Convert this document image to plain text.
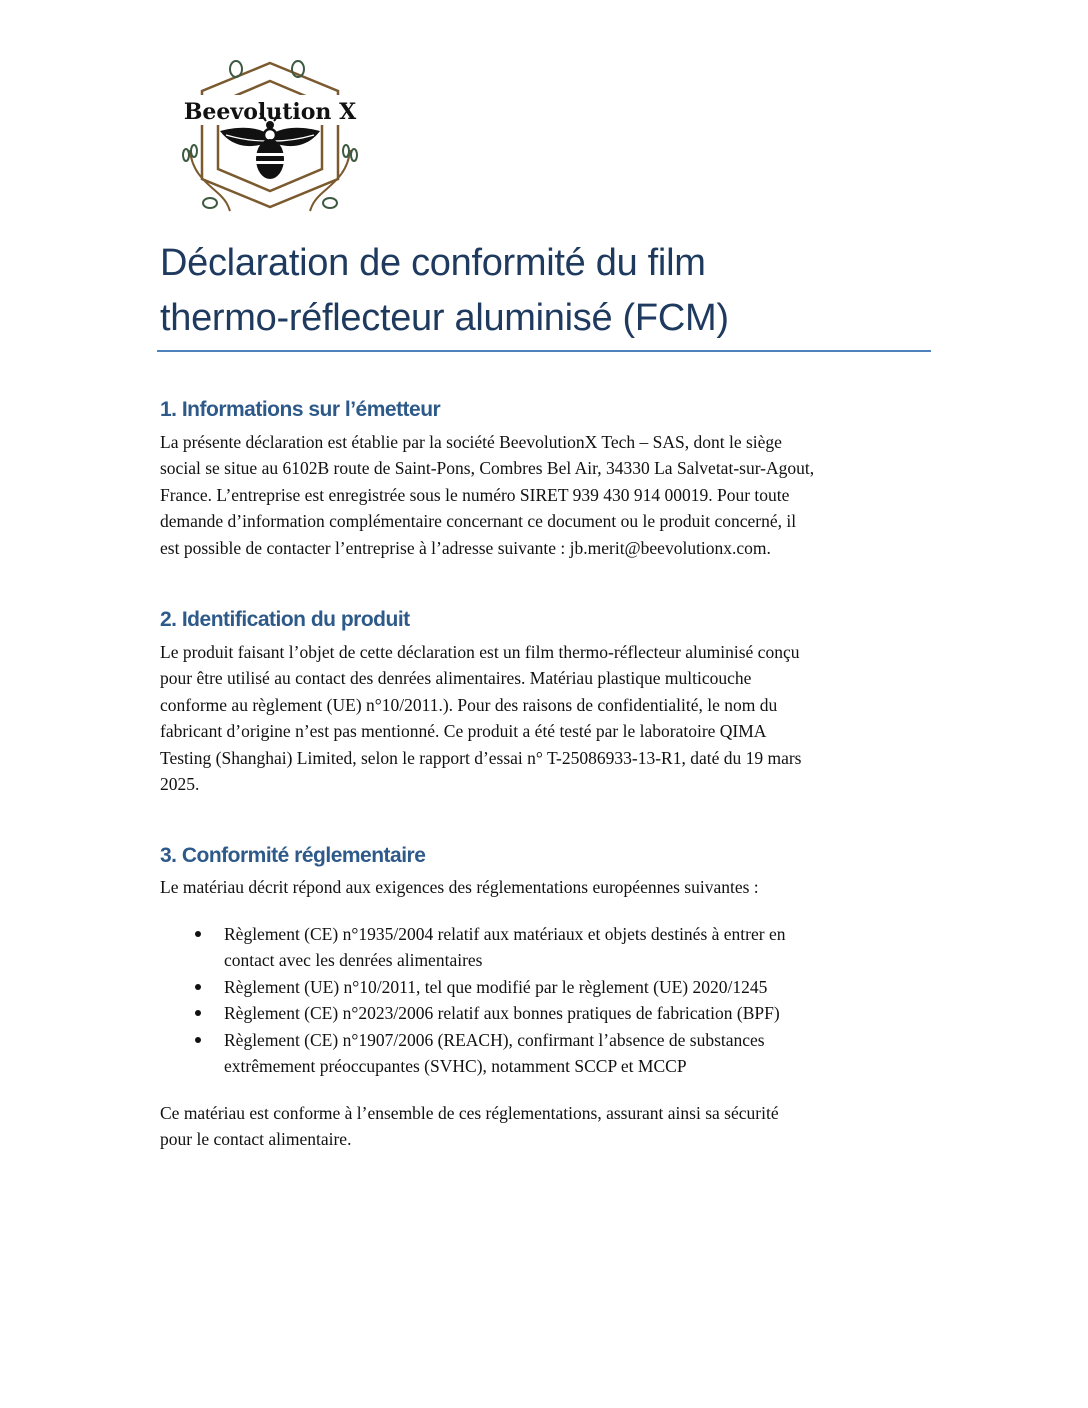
Beevolution X
Déclaration de conformité du film
thermo-réflecteur aluminisé (FCM)
1. Informations sur l’émetteur
La présente déclaration est établie par la société BeevolutionX Tech – SAS, dont le siège
social se situe au 6102B route de Saint-Pons, Combres Bel Air, 34330 La Salvetat-sur-Agout,
France. L’entreprise est enregistrée sous le numéro SIRET 939 430 914 00019. Pour toute
demande d’information complémentaire concernant ce document ou le produit concerné, il
est possible de contacter l’entreprise à l’adresse suivante : jb.merit@beevolutionx.com.
2. Identification du produit
Le produit faisant l’objet de cette déclaration est un film thermo-réflecteur aluminisé conçu
pour être utilisé au contact des denrées alimentaires. Matériau plastique multicouche
conforme au règlement (UE) n°10/2011.). Pour des raisons de confidentialité, le nom du
fabricant d’origine n’est pas mentionné. Ce produit a été testé par le laboratoire QIMA
Testing (Shanghai) Limited, selon le rapport d’essai n° T-25086933-13-R1, daté du 19 mars
2025.
3. Conformité réglementaire
Le matériau décrit répond aux exigences des réglementations européennes suivantes :
Règlement (CE) n°1935/2004 relatif aux matériaux et objets destinés à entrer en
contact avec les denrées alimentaires
Règlement (UE) n°10/2011, tel que modifié par le règlement (UE) 2020/1245
Règlement (CE) n°2023/2006 relatif aux bonnes pratiques de fabrication (BPF)
Règlement (CE) n°1907/2006 (REACH), confirmant l’absence de substances
extrêmement préoccupantes (SVHC), notamment SCCP et MCCP
Ce matériau est conforme à l’ensemble de ces réglementations, assurant ainsi sa sécurité
pour le contact alimentaire.
